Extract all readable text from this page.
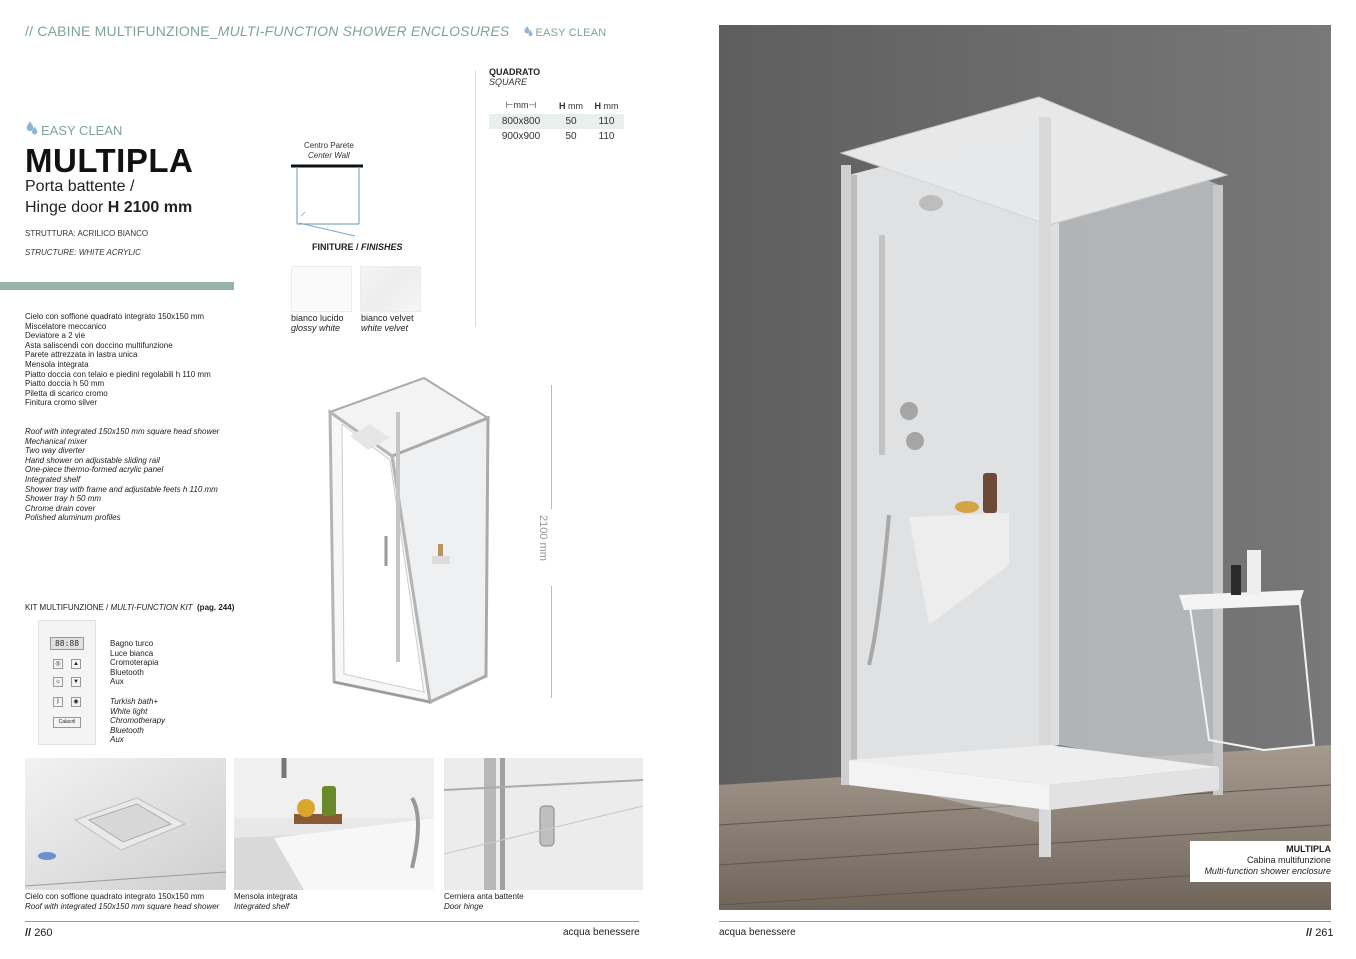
// CABINE MULTIFUNZIONE_MULTI-FUNCTION SHOWER ENCLOSURES EASY CLEAN
EASY CLEAN
MULTIPLA
Porta battente /
Hinge door H 2100 mm
STRUTTURA: ACRILICO BIANCO
STRUCTURE: WHITE ACRYLIC
Cielo con soffione quadrato integrato 150x150 mm
Miscelatore meccanico
Deviatore a 2 vie
Asta saliscendi con doccino multifunzione
Parete attrezzata in lastra unica
Mensola integrata
Piatto doccia con telaio e piedini regolabili h 110 mm
Piatto doccia h 50 mm
Piletta di scarico cromo
Finitura cromo silver
Roof with integrated 150x150 mm square head shower
Mechanical mixer
Two way diverter
Hand shower on adjustable sliding rail
One-piece thermo-formed acrylic panel
Integrated shelf
Shower tray with frame and adjustable feets h 110 mm
Shower tray h 50 mm
Chrome drain cover
Polished aluminum profiles
Centro Parete
Center Wall
FINITURE / FINISHES
bianco lucido
glossy white
bianco velvet
white velvet
QUADRATO
SQUARE
⊢mm⊣	H mm	H mm
800x800	50	110
900x900	50	110
2100 mm
KIT MULTIFUNZIONE / MULTI-FUNCTION KIT (pag. 244)
88:88
◎	▲
☼	▼
ᛒ	◉
Calacril
Bagno turco
Luce bianca
Cromoterapia
Bluetooth
Aux
Turkish bath+
White light
Chromotherapy
Bluetooth
Aux
Cielo con soffione quadrato integrato 150x150 mm
Roof with integrated 150x150 mm square head shower
Mensola integrata
Integrated shelf
Cerniera anta battente
Door hinge
MULTIPLA
Cabina multifunzione
Multi-function shower enclosure
// 260	acqua benessere	acqua benessere	// 261
